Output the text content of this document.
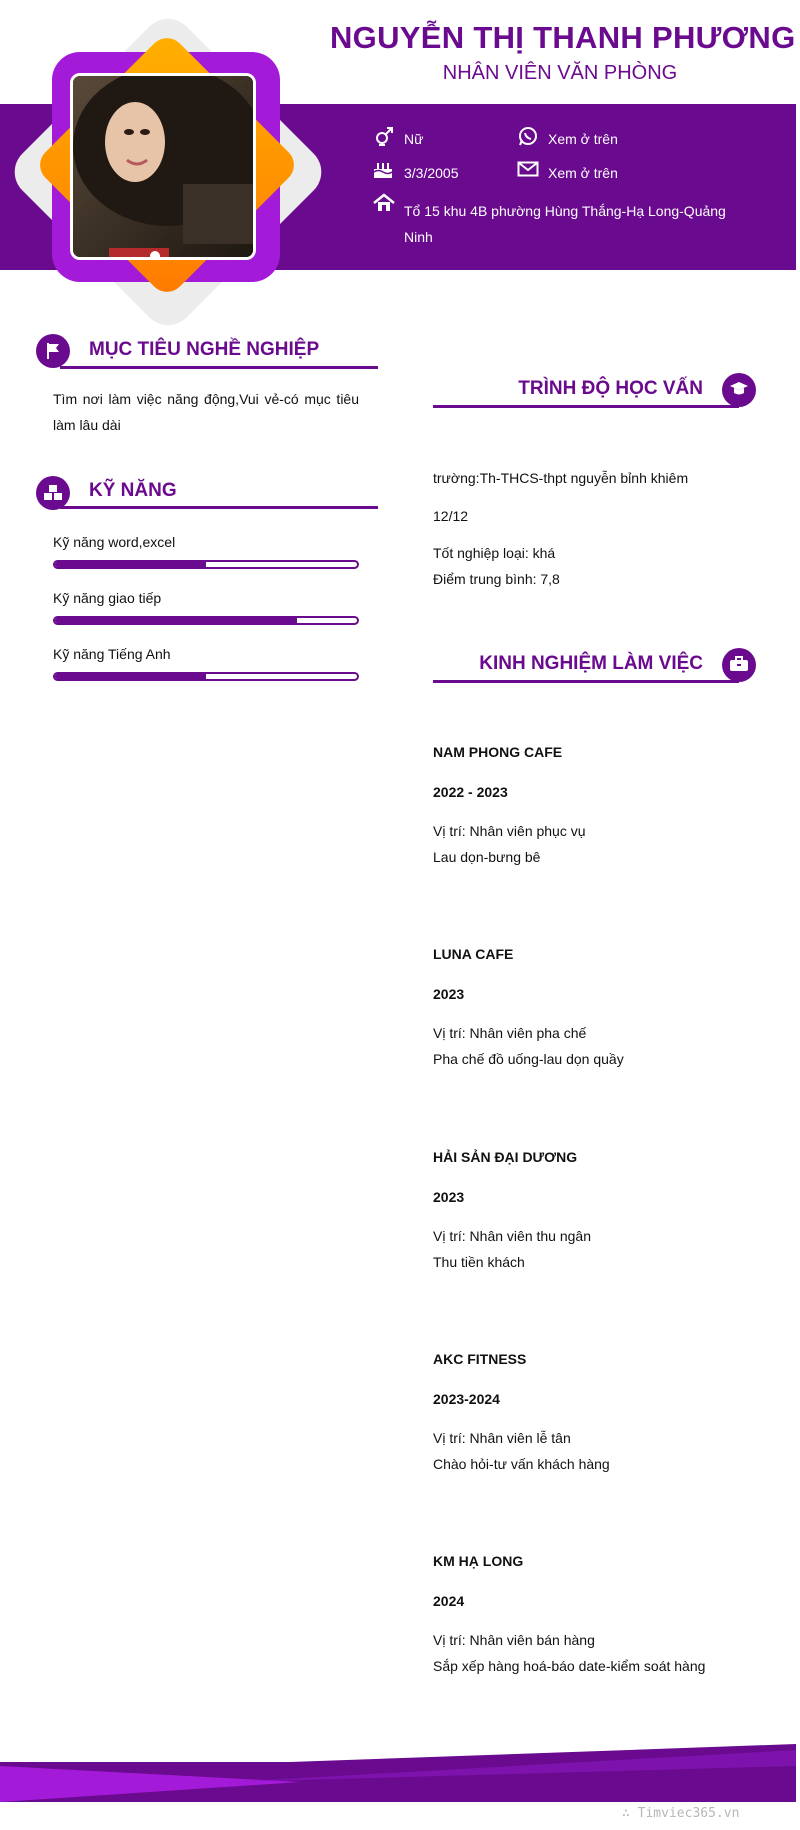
NGUYỄN THỊ THANH PHƯƠNG
NHÂN VIÊN VĂN PHÒNG
Nữ	Xem ở trên
3/3/2005	Xem ở trên
Tổ 15 khu 4B phường Hùng Thắng-Hạ Long-Quảng
Ninh
MỤC TIÊU NGHỀ NGHIỆP
Tìm nơi làm việc năng động,Vui vẻ-có mục tiêu làm lâu dài
KỸ NĂNG
Kỹ năng word,excel
Kỹ năng giao tiếp
Kỹ năng Tiếng Anh
TRÌNH ĐỘ HỌC VẤN
trường:Th-THCS-thpt nguyễn bỉnh khiêm
12/12
Tốt nghiệp loại: khá
Điểm trung bình: 7,8
KINH NGHIỆM LÀM VIỆC
NAM PHONG CAFE
2022 - 2023
Vị trí: Nhân viên phục vụ
Lau dọn-bưng bê
LUNA CAFE
2023
Vị trí: Nhân viên pha chế
Pha chế đồ uống-lau dọn quầy
HẢI SẢN ĐẠI DƯƠNG
2023
Vị trí: Nhân viên thu ngân
Thu tiền khách
AKC FITNESS
2023-2024
Vị trí: Nhân viên lễ tân
Chào hỏi-tư vấn khách hàng
KM HẠ LONG
2024
Vị trí: Nhân viên bán hàng
Sắp xếp hàng hoá-báo date-kiểm soát hàng
∴ Timviec365.vn
